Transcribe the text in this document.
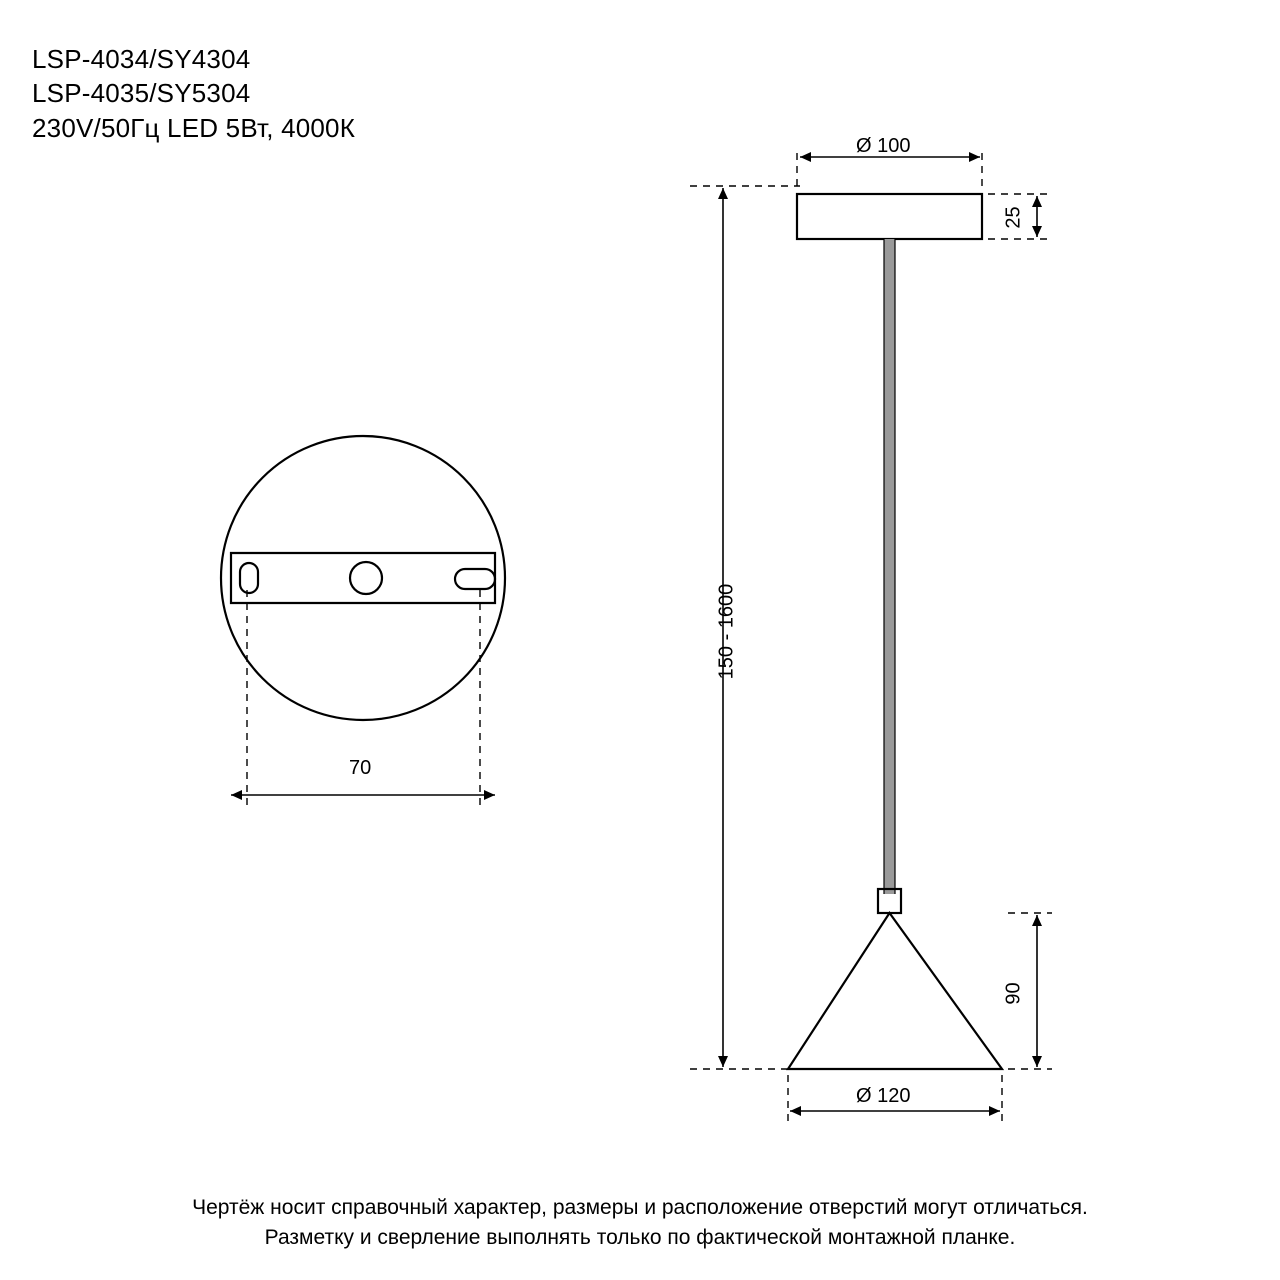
LSP-4034/SY4304
LSP-4035/SY5304
230V/50Гц LED 5Вт, 4000К
Ø 100
25
150 - 1600
90
Ø 120
70
Чертёж носит справочный характер, размеры и расположение отверстий могут отличаться.
Разметку и сверление выполнять только по фактической монтажной планке.
